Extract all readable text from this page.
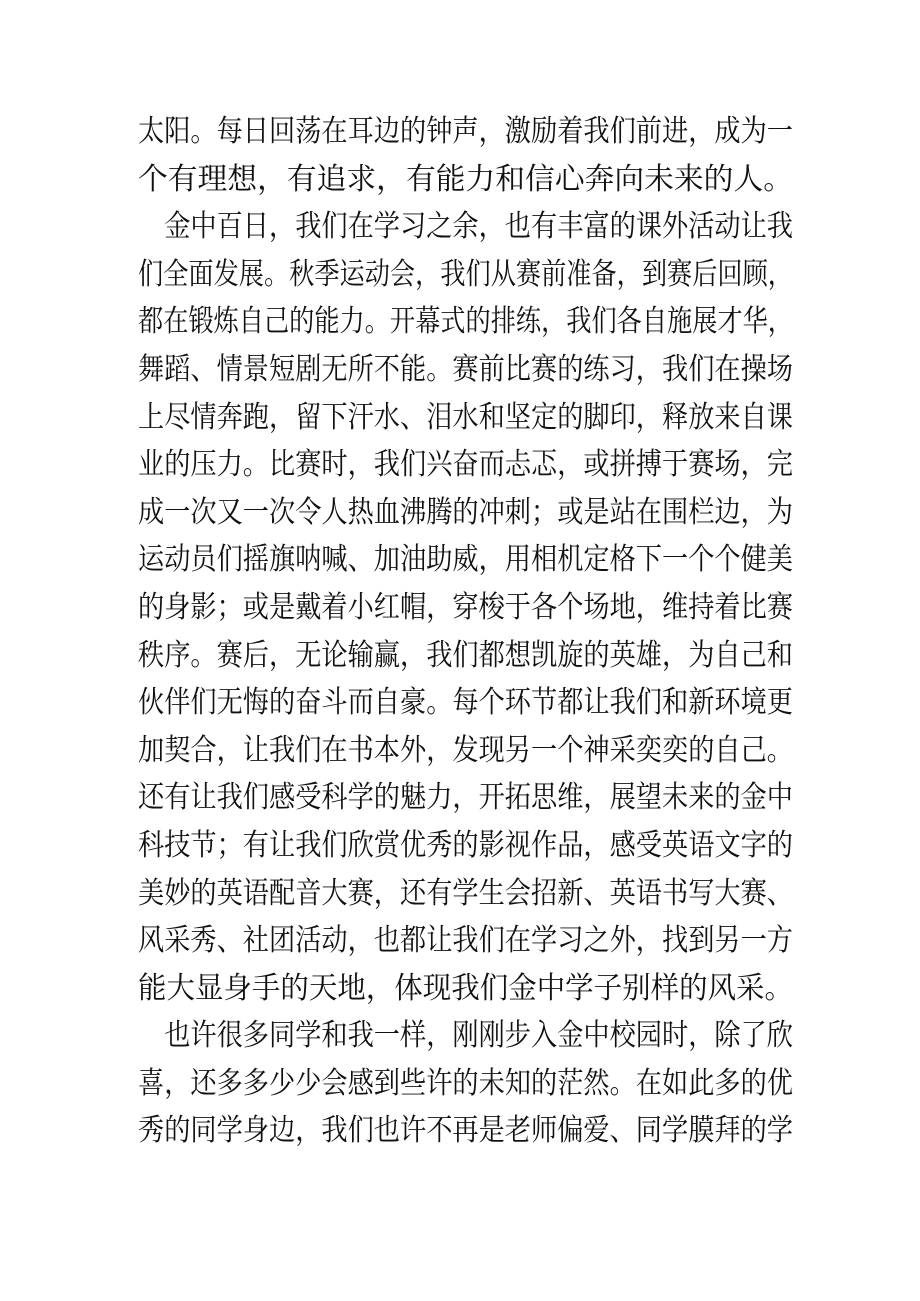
太阳。每日回荡在耳边的钟声，激励着我们前进，成为一
个有理想，有追求，有能力和信心奔向未来的人。
　金中百日，我们在学习之余，也有丰富的课外活动让我
们全面发展。秋季运动会，我们从赛前准备，到赛后回顾，
都在锻炼自己的能力。开幕式的排练，我们各自施展才华，
舞蹈、情景短剧无所不能。赛前比赛的练习，我们在操场
上尽情奔跑，留下汗水、泪水和坚定的脚印，释放来自课
业的压力。比赛时，我们兴奋而忐忑，或拼搏于赛场，完
成一次又一次令人热血沸腾的冲刺；或是站在围栏边，为
运动员们摇旗呐喊、加油助威，用相机定格下一个个健美
的身影；或是戴着小红帽，穿梭于各个场地，维持着比赛
秩序。赛后，无论输赢，我们都想凯旋的英雄，为自己和
伙伴们无悔的奋斗而自豪。每个环节都让我们和新环境更
加契合，让我们在书本外，发现另一个神采奕奕的自己。
还有让我们感受科学的魅力，开拓思维，展望未来的金中
科技节；有让我们欣赏优秀的影视作品，感受英语文字的
美妙的英语配音大赛，还有学生会招新、英语书写大赛、
风采秀、社团活动，也都让我们在学习之外，找到另一方
能大显身手的天地，体现我们金中学子别样的风采。
　也许很多同学和我一样，刚刚步入金中校园时，除了欣
喜，还多多少少会感到些许的未知的茫然。在如此多的优
秀的同学身边，我们也许不再是老师偏爱、同学膜拜的学
